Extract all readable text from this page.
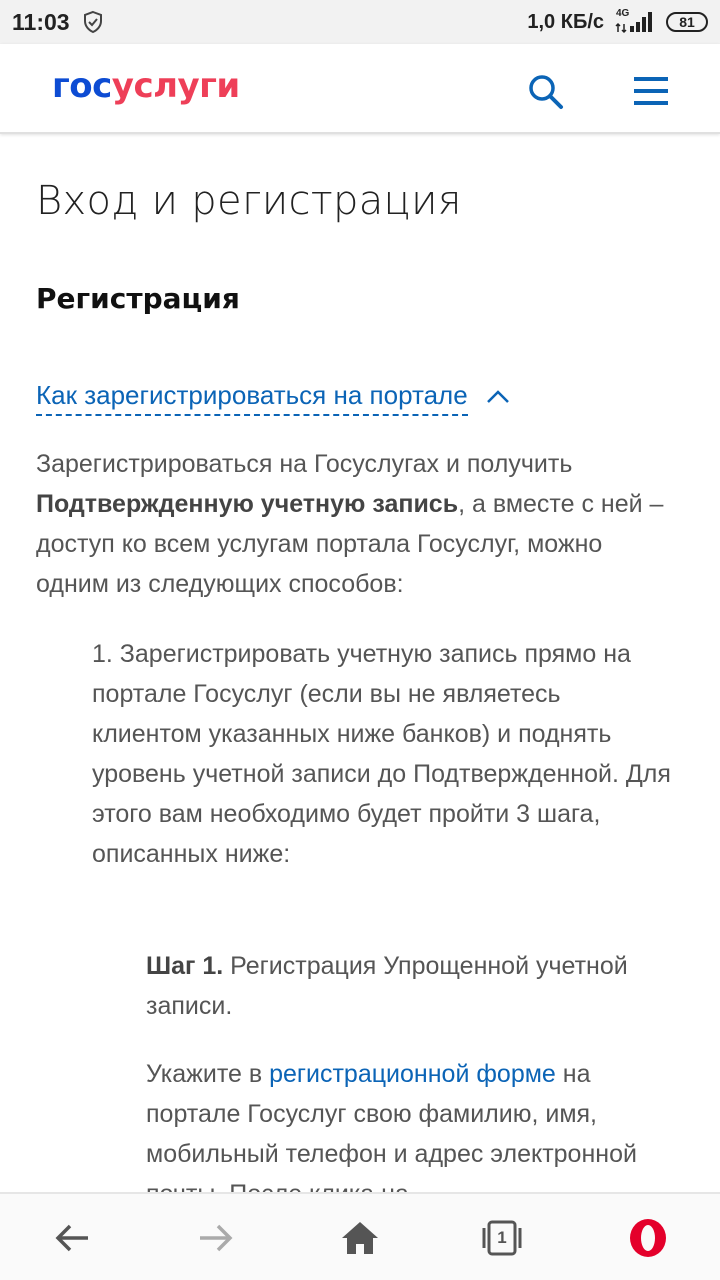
11:03	1,0 КБ/с 4G
81
госуслуги
Вход и регистрация
Регистрация
Как зарегистрироваться на портале

Зарегистрироваться на Госуслугах и получить Подтвержденную учетную запись, а вместе с ней – доступ ко всем услугам портала Госуслуг, можно одним из следующих способов:

1. Зарегистрировать учетную запись прямо на портале Госуслуг (если вы не являетесь клиентом указанных ниже банков) и поднять уровень учетной записи до Подтвержденной. Для этого вам необходимо будет пройти 3 шага, описанных ниже:

Шаг 1. Регистрация Упрощенной учетной записи.

Укажите в регистрационной форме на портале Госуслуг свою фамилию, имя, мобильный телефон и адрес электронной

1
